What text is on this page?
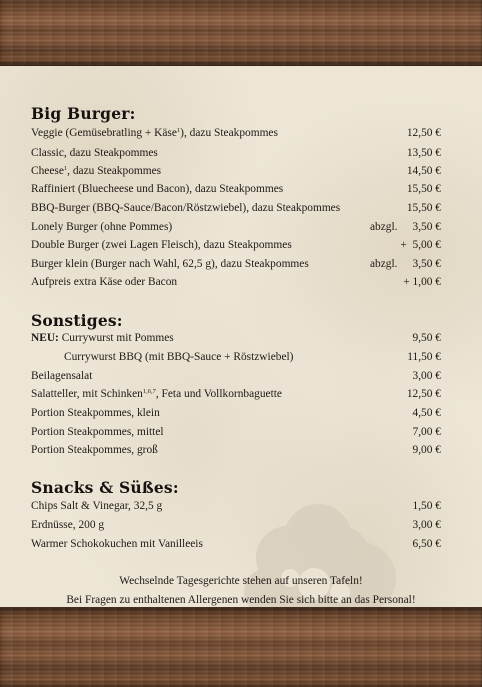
Big Burger:
Veggie (Gemüsebratling + Käse$^1$), dazu Steakpommes	12,50 €
Classic, dazu Steakpommes	13,50 €
Cheese$^1$, dazu Steakpommes	14,50 €
Raffiniert (Bluecheese und Bacon), dazu Steakpommes	15,50 €
BBQ-Burger (BBQ-Sauce/Bacon/Röstzwiebel), dazu Steakpommes	15,50 €
Lonely Burger (ohne Pommes)	abzgl. 3,50 €
Double Burger (zwei Lagen Fleisch), dazu Steakpommes	+  5,00 €
Burger klein (Burger nach Wahl, 62,5 g), dazu Steakpommes	abzgl. 3,50 €
Aufpreis extra Käse oder Bacon	+ 1,00 €
Sonstiges:
NEU: Currywurst mit Pommes	9,50 €
Currywurst BBQ (mit BBQ-Sauce + Röstzwiebel)	11,50 €
Beilagensalat	3,00 €
Salatteller, mit Schinken$^{1,6,7}$, Feta und Vollkornbaguette	12,50 €
Portion Steakpommes, klein	4,50 €
Portion Steakpommes, mittel	7,00 €
Portion Steakpommes, groß	9,00 €
Snacks & Süßes:
Chips Salt & Vinegar, 32,5 g	1,50 €
Erdnüsse, 200 g	3,00 €
Warmer Schokokuchen mit Vanilleeis	6,50 €
Wechselnde Tagesgerichte stehen auf unseren Tafeln!
Bei Fragen zu enthaltenen Allergenen wenden Sie sich bitte an das Personal!
